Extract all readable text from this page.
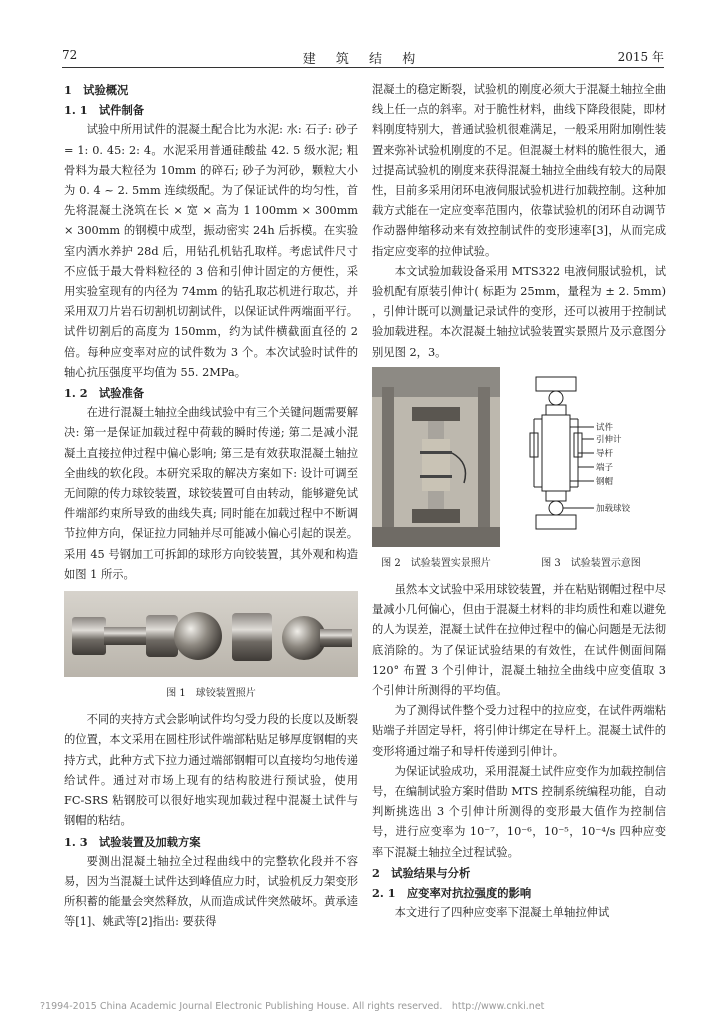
72	建 筑 结 构	2015 年

1　试验概况

1. 1　试件制备

试验中所用试件的混凝土配合比为水泥: 水: 石子: 砂子 = 1: 0. 45: 2: 4。水泥采用普通硅酸盐 42. 5 级水泥; 粗骨料为最大粒径为 10mm 的碎石; 砂子为河砂，颗粒大小为 0. 4 ~ 2. 5mm 连续级配。为了保证试件的均匀性，首先将混凝土浇筑在长 × 宽 × 高为 1 100mm × 300mm × 300mm 的钢模中成型，振动密实 24h 后拆模。在实验室内洒水养护 28d 后，用钻孔机钻孔取样。考虑试件尺寸不应低于最大骨料粒径的 3 倍和引伸计固定的方便性，采用实验室现有的内径为 74mm 的钻孔取芯机进行取芯，并采用双刀片岩石切割机切割试件，以保证试件两端面平行。试件切割后的高度为 150mm，约为试件横截面直径的 2 倍。每种应变率对应的试件数为 3 个。本次试验时试件的轴心抗压强度平均值为 55. 2MPa。

1. 2　试验准备

在进行混凝土轴拉全曲线试验中有三个关键问题需要解决: 第一是保证加载过程中荷载的瞬时传递; 第二是减小混凝土直接拉伸过程中偏心影响; 第三是有效获取混凝土轴拉全曲线的软化段。本研究采取的解决方案如下: 设计可调至无间隙的传力球铰装置，球铰装置可自由转动，能够避免试件端部约束所导致的曲线失真; 同时能在加载过程中不断调节拉伸方向，保证拉力同轴并尽可能减小偏心引起的误差。采用 45 号钢加工可拆卸的球形方向铰装置，其外观和构造如图 1 所示。

图 1　球铰装置照片

不同的夹持方式会影响试件均匀受力段的长度以及断裂的位置，本文采用在圆柱形试件端部粘贴足够厚度钢帽的夹持方式，此种方式下拉力通过端部钢帽可以直接均匀地传递给试件。通过对市场上现有的结构胶进行预试验，使用 FC-SRS 粘钢胶可以很好地实现加载过程中混凝土试件与钢帽的粘结。

1. 3　试验装置及加载方案

要测出混凝土轴拉全过程曲线中的完整软化段并不容易，因为当混凝土试件达到峰值应力时，试验机反力架变形所积蓄的能量会突然释放，从而造成试件突然破坏。黄承逵等[1]、姚武等[2]指出: 要获得

混凝土的稳定断裂，试验机的刚度必须大于混凝土轴拉全曲线上任一点的斜率。对于脆性材料，曲线下降段很陡，即材料刚度特别大，普通试验机很难满足，一般采用附加刚性装置来弥补试验机刚度的不足。但混凝土材料的脆性很大，通过提高试验机的刚度来获得混凝土轴拉全曲线有较大的局限性，目前多采用闭环电液伺服试验机进行加载控制。这种加载方式能在一定应变率范围内，依靠试验机的闭环自动调节作动器伸缩移动来有效控制试件的变形速率[3]，从而完成指定应变率的拉伸试验。

本文试验加载设备采用 MTS322 电液伺服试验机，试验机配有原装引伸计( 标距为 25mm，量程为 ± 2. 5mm) ，引伸计既可以测量记录试件的变形，还可以被用于控制试验加载进程。本次混凝土轴拉试验装置实景照片及示意图分别见图 2，3。

图 2　试验装置实景照片
试件
引伸计
导杆
端子
钢帽
加载球铰
图 3　试验装置示意图

虽然本文试验中采用球铰装置，并在粘贴钢帽过程中尽量减小几何偏心，但由于混凝土材料的非均质性和难以避免的人为误差，混凝土试件在拉伸过程中的偏心问题是无法彻底消除的。为了保证试验结果的有效性，在试件侧面间隔 120° 布置 3 个引伸计，混凝土轴拉全曲线中应变值取 3 个引伸计所测得的平均值。

为了测得试件整个受力过程中的拉应变，在试件两端粘贴端子并固定导杆，将引伸计绑定在导杆上。混凝土试件的变形将通过端子和导杆传递到引伸计。

为保证试验成功，采用混凝土试件应变作为加载控制信号，在编制试验方案时借助 MTS 控制系统编程功能，自动判断挑选出 3 个引伸计所测得的变形最大值作为控制信号，进行应变率为 10⁻⁷，10⁻⁶，10⁻⁵，10⁻⁴/s 四种应变率下混凝土轴拉全过程试验。

2　试验结果与分析

2. 1　应变率对抗拉强度的影响

本文进行了四种应变率下混凝土单轴拉伸试

?1994-2015 China Academic Journal Electronic Publishing House. All rights reserved.　http://www.cnki.net
